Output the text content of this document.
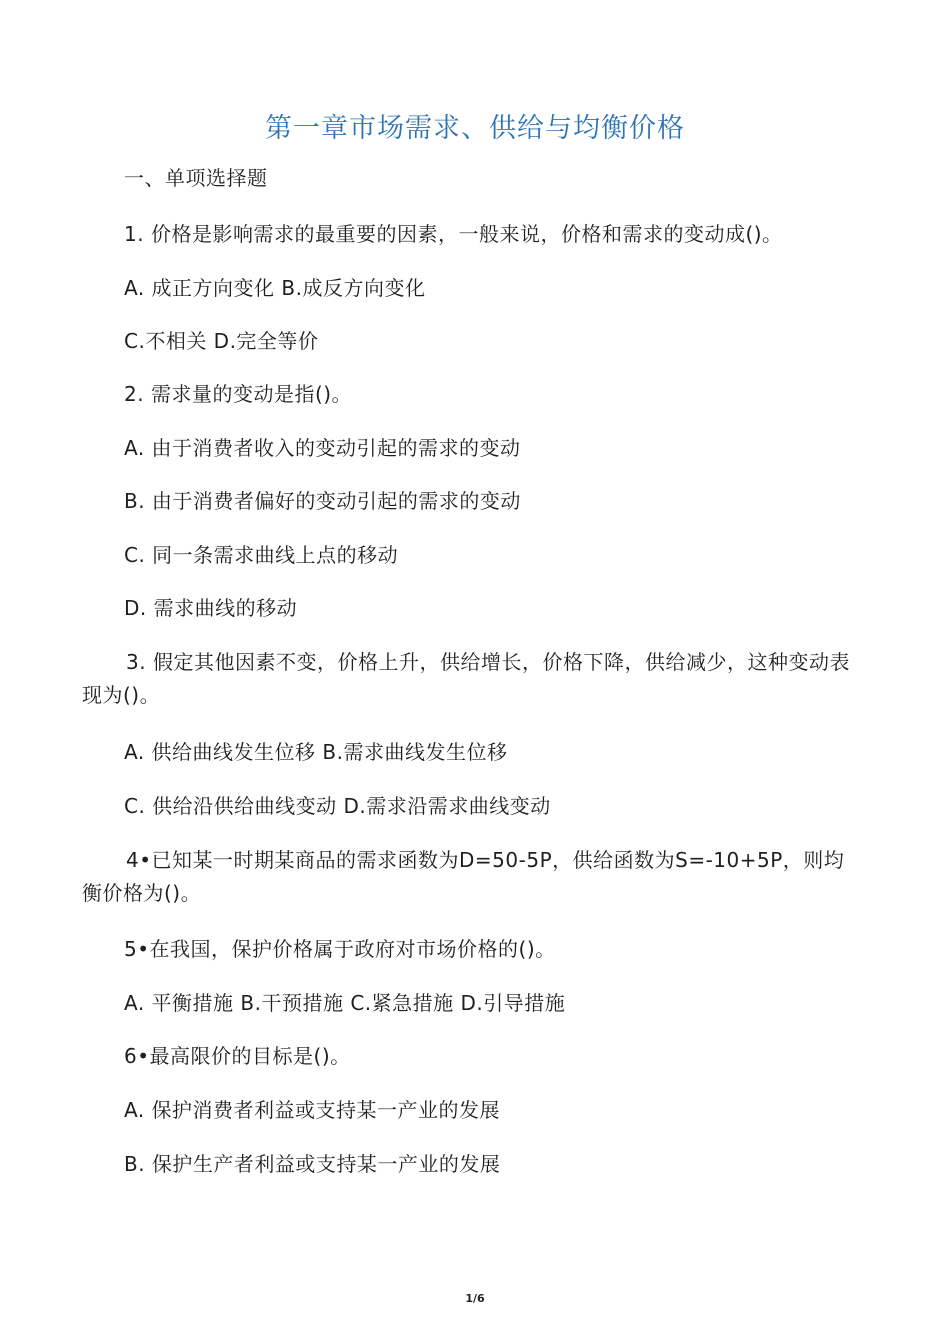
第一章市场需求、供给与均衡价格
一、单项选择题
1. 价格是影响需求的最重要的因素，一般来说，价格和需求的变动成()。
A. 成正方向变化 B.成反方向变化
C.不相关 D.完全等价
2. 需求量的变动是指()。
A. 由于消费者收入的变动引起的需求的变动
B. 由于消费者偏好的变动引起的需求的变动
C. 同一条需求曲线上点的移动
D. 需求曲线的移动
3. 假定其他因素不变，价格上升，供给增长，价格下降，供给减少，这种变动表现为()。
A. 供给曲线发生位移 B.需求曲线发生位移
C. 供给沿供给曲线变动 D.需求沿需求曲线变动
4•已知某一时期某商品的需求函数为D=50-5P，供给函数为S=-10+5P，则均衡价格为()。
5•在我国，保护价格属于政府对市场价格的()。
A. 平衡措施 B.干预措施 C.紧急措施 D.引导措施
6•最高限价的目标是()。
A. 保护消费者利益或支持某一产业的发展
B. 保护生产者利益或支持某一产业的发展
1/6
